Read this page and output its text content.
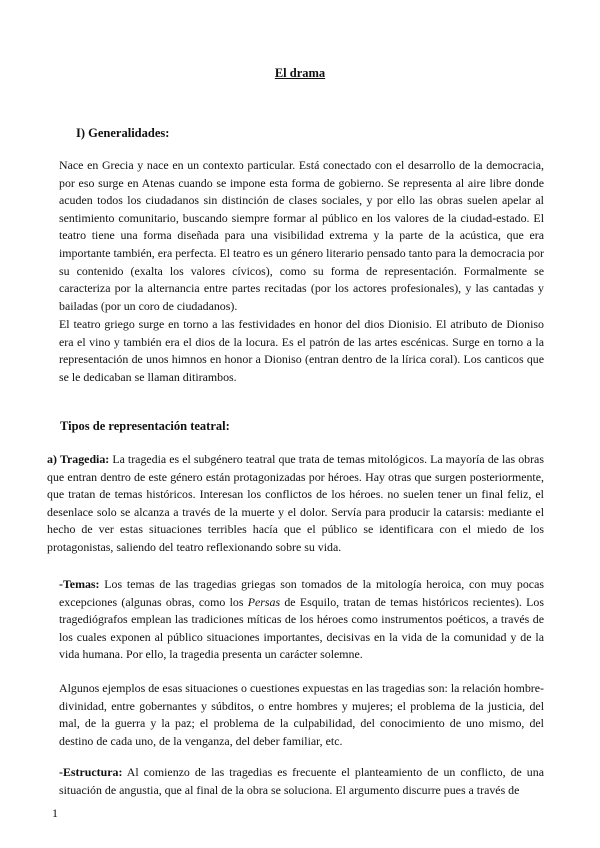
El drama
I) Generalidades:

Nace en Grecia y nace en un contexto particular. Está conectado con el desarrollo de la democracia, por eso surge en Atenas cuando se impone esta forma de gobierno. Se representa al aire libre donde acuden todos los ciudadanos sin distinción de clases sociales, y por ello las obras suelen apelar al sentimiento comunitario, buscando siempre formar al público en los valores de la ciudad-estado. El teatro tiene una forma diseñada para una visibilidad extrema y la parte de la acústica, que era importante también, era perfecta. El teatro es un género literario pensado tanto para la democracia por su contenido (exalta los valores cívicos), como su forma de representación. Formalmente se caracteriza por la alternancia entre partes recitadas (por los actores profesionales), y las cantadas y bailadas (por un coro de ciudadanos).

El teatro griego surge en torno a las festividades en honor del dios Dionisio. El atributo de Dioniso era el vino y también era el dios de la locura. Es el patrón de las artes escénicas. Surge en torno a la representación de unos himnos en honor a Dioniso (entran dentro de la lírica coral). Los canticos que se le dedicaban se llaman ditirambos.

Tipos de representación teatral:
a) Tragedia: La tragedia es el subgénero teatral que trata de temas mitológicos. La mayoría de las obras que entran dentro de este género están protagonizadas por héroes. Hay otras que surgen posteriormente, que tratan de temas históricos. Interesan los conflictos de los héroes. no suelen tener un final feliz, el desenlace solo se alcanza a través de la muerte y el dolor. Servía para producir la catarsis: mediante el hecho de ver estas situaciones terribles hacía que el público se identificara con el miedo de los protagonistas, saliendo del teatro reflexionando sobre su vida.

-Temas: Los temas de las tragedias griegas son tomados de la mitología heroica, con muy pocas excepciones (algunas obras, como los Persas de Esquilo, tratan de temas históricos recientes). Los tragediógrafos emplean las tradiciones míticas de los héroes como instrumentos poéticos, a través de los cuales exponen al público situaciones importantes, decisivas en la vida de la comunidad y de la vida humana. Por ello, la tragedia presenta un carácter solemne.

Algunos ejemplos de esas situaciones o cuestiones expuestas en las tragedias son: la relación hombre-divinidad, entre gobernantes y súbditos, o entre hombres y mujeres; el problema de la justicia, del mal, de la guerra y la paz; el problema de la culpabilidad, del conocimiento de uno mismo, del destino de cada uno, de la venganza, del deber familiar, etc.

-Estructura: Al comienzo de las tragedias es frecuente el planteamiento de un conflicto, de una situación de angustia, que al final de la obra se soluciona. El argumento discurre pues a través de

1
